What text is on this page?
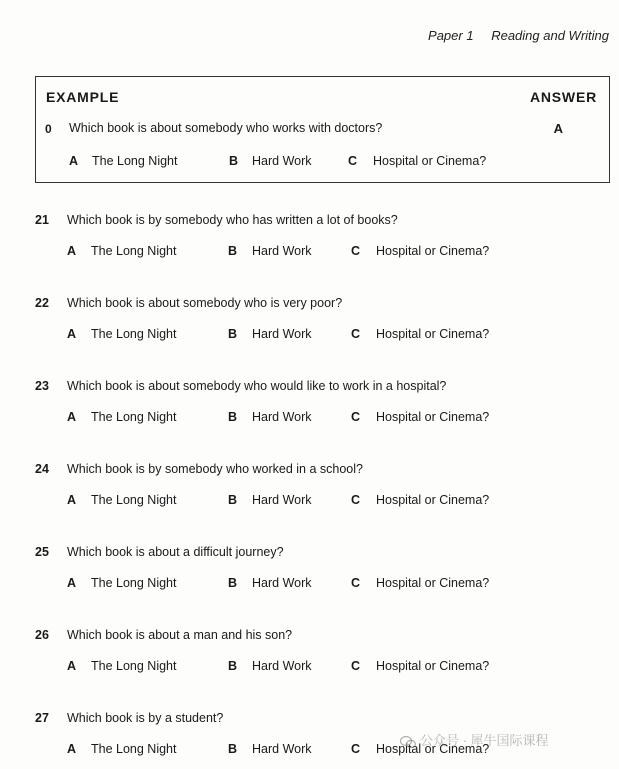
Paper 1 Reading and Writing
EXAMPLE	ANSWER
0 Which book is about somebody who works with doctors?	A
A The Long Night	B Hard Work	C Hospital or Cinema?
21 Which book is by somebody who has written a lot of books?
A The Long Night	B Hard Work	C Hospital or Cinema?
22 Which book is about somebody who is very poor?
A The Long Night	B Hard Work	C Hospital or Cinema?
23 Which book is about somebody who would like to work in a hospital?
A The Long Night	B Hard Work	C Hospital or Cinema?
24 Which book is by somebody who worked in a school?
A The Long Night	B Hard Work	C Hospital or Cinema?
25 Which book is about a difficult journey?
A The Long Night	B Hard Work	C Hospital or Cinema?
26 Which book is about a man and his son?
A The Long Night	B Hard Work	C Hospital or Cinema?
27 Which book is by a student?
A The Long Night	B Hard Work	C Hospital or Cinema?
公众号 · 犀牛国际课程
